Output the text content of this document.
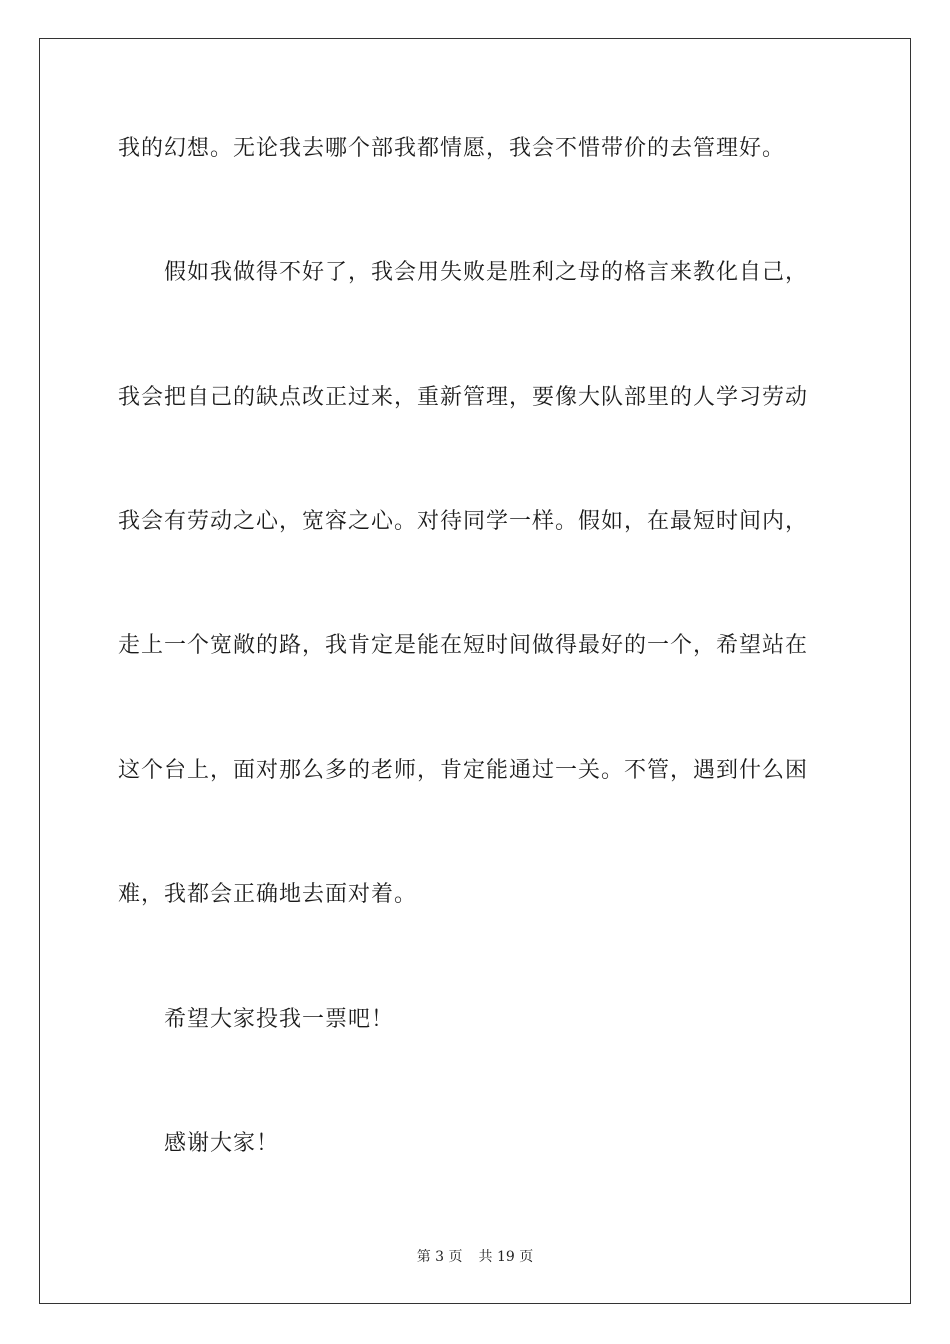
我的幻想。无论我去哪个部我都情愿，我会不惜带价的去管理好。
假如我做得不好了，我会用失败是胜利之母的格言来教化自己，
我会把自己的缺点改正过来，重新管理，要像大队部里的人学习劳动
我会有劳动之心，宽容之心。对待同学一样。假如，在最短时间内，
走上一个宽敞的路，我肯定是能在短时间做得最好的一个，希望站在
这个台上，面对那么多的老师，肯定能通过一关。不管，遇到什么困
难，我都会正确地去面对着。
希望大家投我一票吧！
感谢大家！
第 3 页 共 19 页
